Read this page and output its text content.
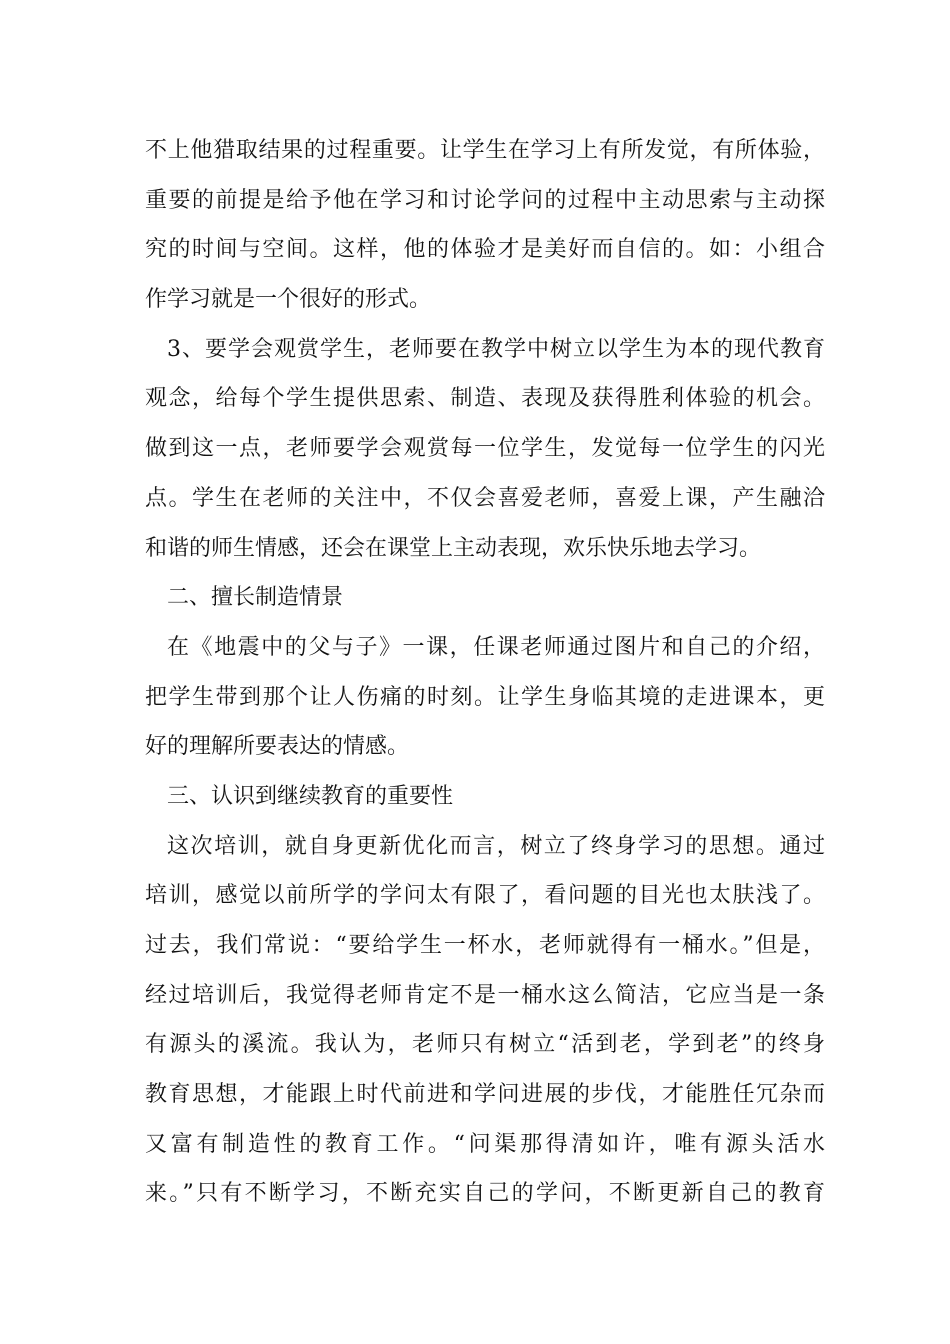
不上他猎取结果的过程重要。让学生在学习上有所发觉，有所体验，
重要的前提是给予他在学习和讨论学问的过程中主动思索与主动探
究的时间与空间。这样，他的体验才是美好而自信的。如：小组合
作学习就是一个很好的形式。
3、要学会观赏学生，老师要在教学中树立以学生为本的现代教育
观念，给每个学生提供思索、制造、表现及获得胜利体验的机会。
做到这一点，老师要学会观赏每一位学生，发觉每一位学生的闪光
点。学生在老师的关注中，不仅会喜爱老师，喜爱上课，产生融洽
和谐的师生情感，还会在课堂上主动表现，欢乐快乐地去学习。
二、擅长制造情景
在《地震中的父与子》一课，任课老师通过图片和自己的介绍，
把学生带到那个让人伤痛的时刻。让学生身临其境的走进课本，更
好的理解所要表达的情感。
三、认识到继续教育的重要性
这次培训，就自身更新优化而言，树立了终身学习的思想。通过
培训，感觉以前所学的学问太有限了，看问题的目光也太肤浅了。
过去，我们常说：“要给学生一杯水，老师就得有一桶水。”但是，
经过培训后，我觉得老师肯定不是一桶水这么简洁，它应当是一条
有源头的溪流。我认为，老师只有树立“活到老，学到老”的终身
教育思想，才能跟上时代前进和学问进展的步伐，才能胜任冗杂而
又富有制造性的教育工作。“问渠那得清如许，唯有源头活水
来。”只有不断学习，不断充实自己的学问，不断更新自己的教育
